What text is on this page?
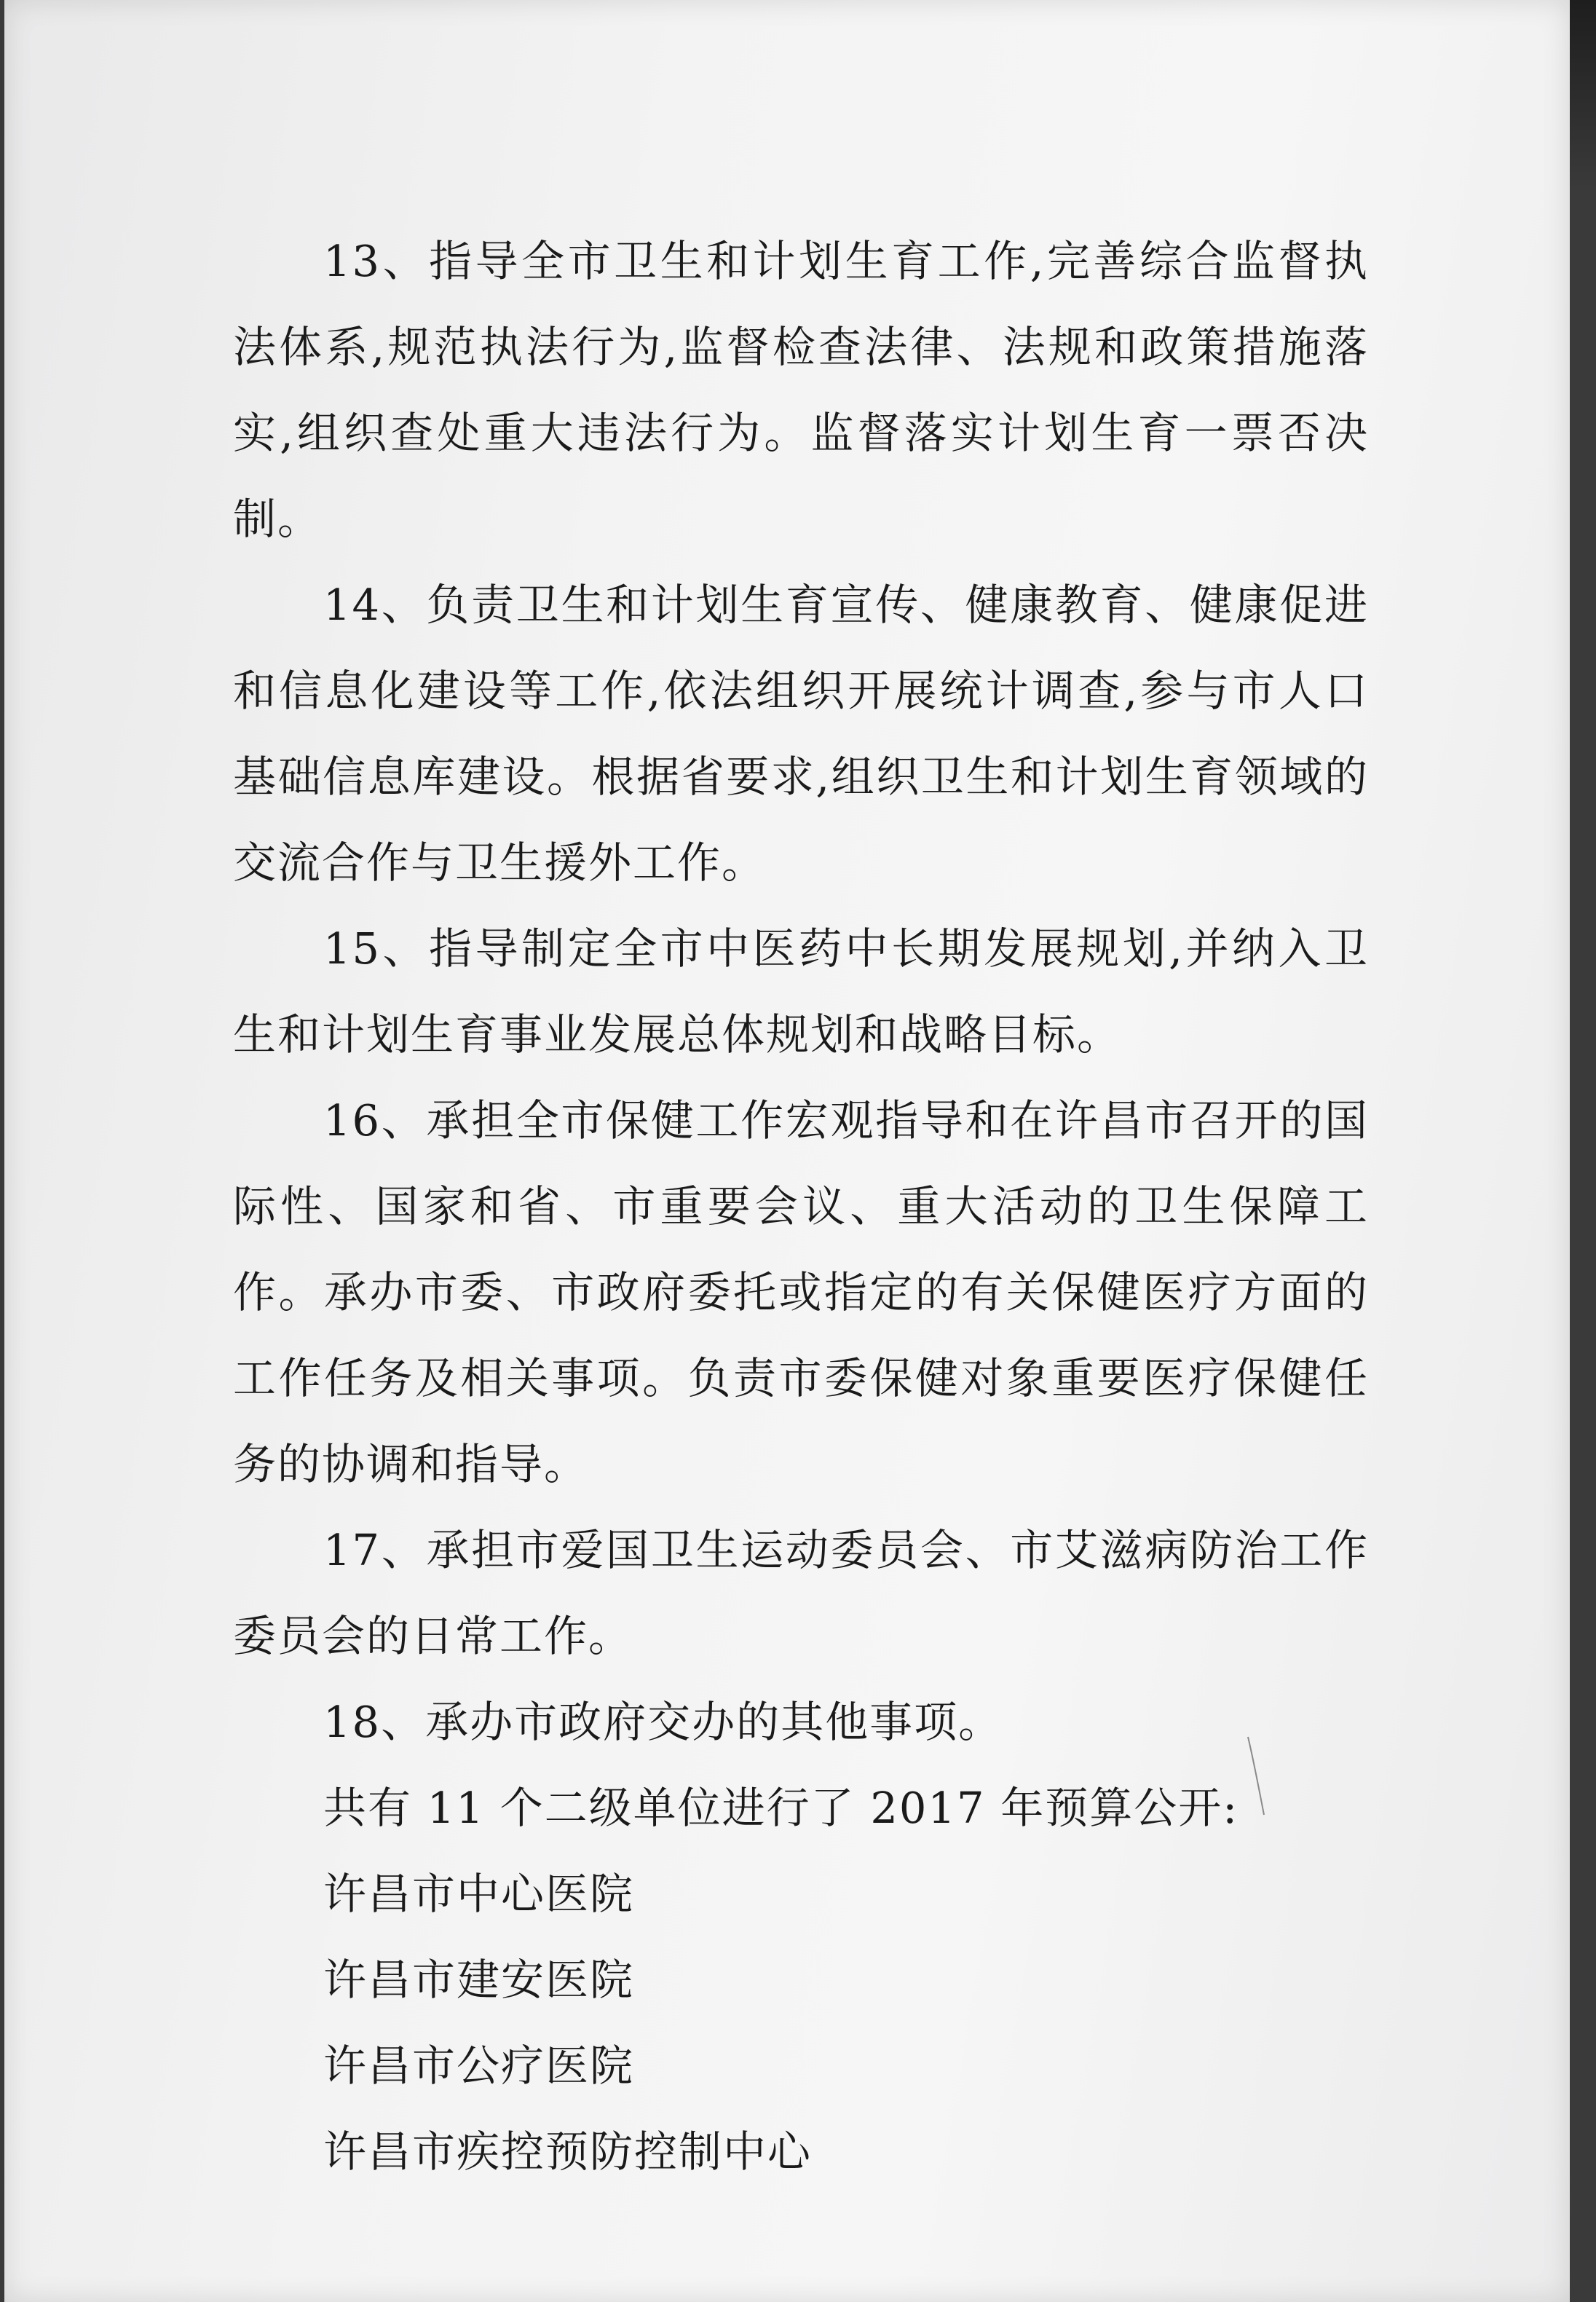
13、指导全市卫生和计划生育工作,完善综合监督执法体系,规范执法行为,监督检查法律、法规和政策措施落实,组织查处重大违法行为。监督落实计划生育一票否决制。

14、负责卫生和计划生育宣传、健康教育、健康促进和信息化建设等工作,依法组织开展统计调查,参与市人口基础信息库建设。根据省要求,组织卫生和计划生育领域的交流合作与卫生援外工作。

15、指导制定全市中医药中长期发展规划,并纳入卫生和计划生育事业发展总体规划和战略目标。

16、承担全市保健工作宏观指导和在许昌市召开的国际性、国家和省、市重要会议、重大活动的卫生保障工作。承办市委、市政府委托或指定的有关保健医疗方面的工作任务及相关事项。负责市委保健对象重要医疗保健任务的协调和指导。

17、承担市爱国卫生运动委员会、市艾滋病防治工作委员会的日常工作。

18、承办市政府交办的其他事项。

共有 11 个二级单位进行了 2017 年预算公开:

许昌市中心医院

许昌市建安医院

许昌市公疗医院

许昌市疾控预防控制中心
